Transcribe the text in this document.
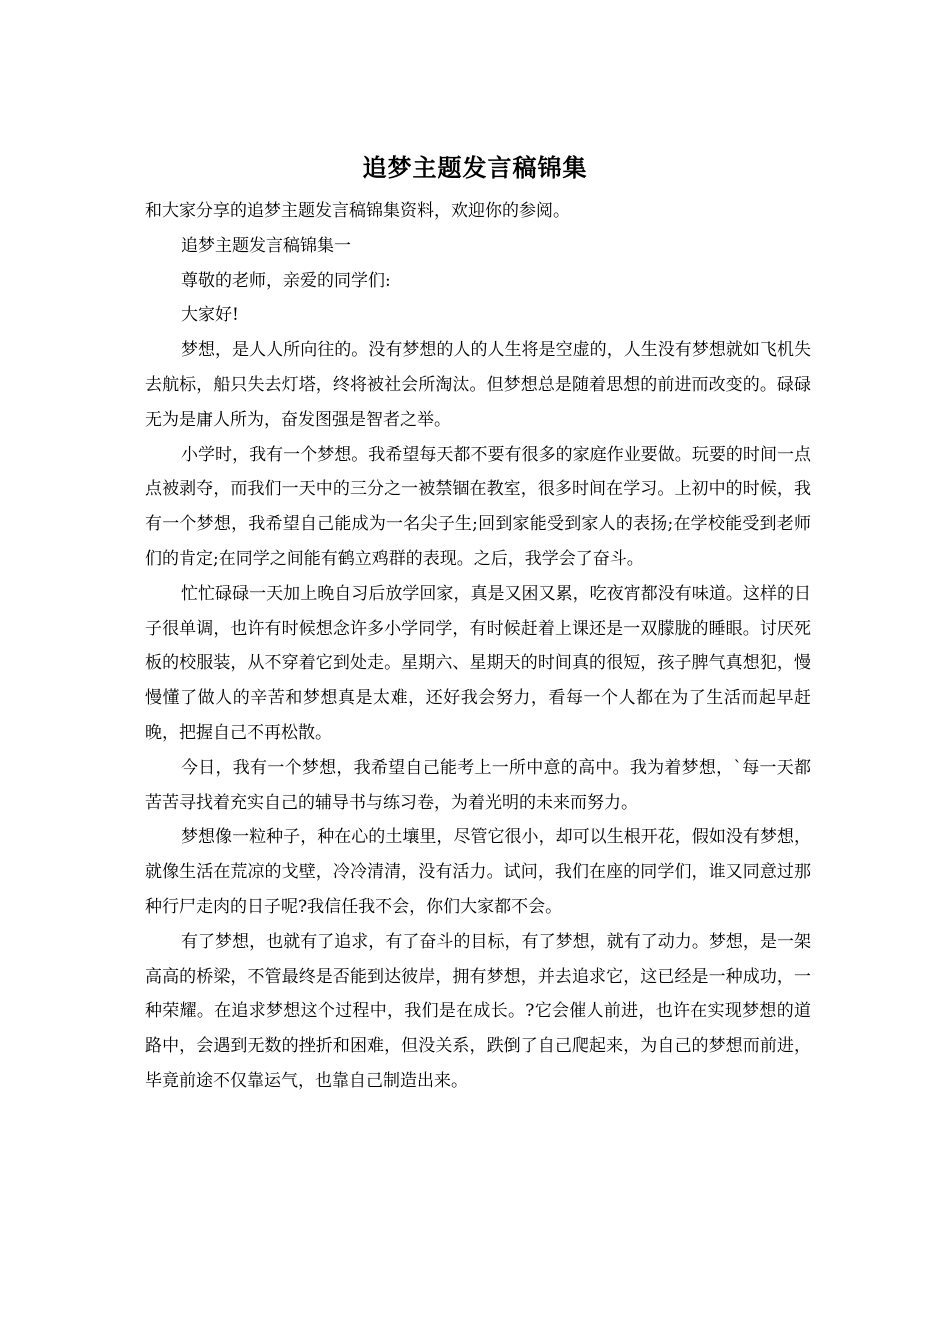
追梦主题发言稿锦集

和大家分享的追梦主题发言稿锦集资料，欢迎你的参阅。

追梦主题发言稿锦集一

尊敬的老师，亲爱的同学们:

大家好!

梦想，是人人所向往的。没有梦想的人的人生将是空虚的，人生没有梦想就如飞机失去航标，船只失去灯塔，终将被社会所淘汰。但梦想总是随着思想的前进而改变的。碌碌无为是庸人所为，奋发图强是智者之举。

小学时，我有一个梦想。我希望每天都不要有很多的家庭作业要做。玩要的时间一点点被剥夺，而我们一天中的三分之一被禁锢在教室，很多时间在学习。上初中的时候，我有一个梦想，我希望自己能成为一名尖子生;回到家能受到家人的表扬;在学校能受到老师们的肯定;在同学之间能有鹤立鸡群的表现。之后，我学会了奋斗。

忙忙碌碌一天加上晚自习后放学回家，真是又困又累，吃夜宵都没有味道。这样的日子很单调，也许有时候想念许多小学同学，有时候赶着上课还是一双朦胧的睡眼。讨厌死板的校服装，从不穿着它到处走。星期六、星期天的时间真的很短，孩子脾气真想犯，慢慢懂了做人的辛苦和梦想真是太难，还好我会努力，看每一个人都在为了生活而起早赶晚，把握自己不再松散。

今日，我有一个梦想，我希望自己能考上一所中意的高中。我为着梦想，`每一天都苦苦寻找着充实自己的辅导书与练习卷，为着光明的未来而努力。

梦想像一粒种子，种在心的土壤里，尽管它很小，却可以生根开花，假如没有梦想，就像生活在荒凉的戈壁，冷冷清清，没有活力。试问，我们在座的同学们，谁又同意过那种行尸走肉的日子呢?我信任我不会，你们大家都不会。

有了梦想，也就有了追求，有了奋斗的目标，有了梦想，就有了动力。梦想，是一架高高的桥梁，不管最终是否能到达彼岸，拥有梦想，并去追求它，这已经是一种成功，一种荣耀。在追求梦想这个过程中，我们是在成长。?它会催人前进，也许在实现梦想的道路中，会遇到无数的挫折和困难，但没关系，跌倒了自己爬起来，为自己的梦想而前进，毕竟前途不仅靠运气，也靠自己制造出来。
